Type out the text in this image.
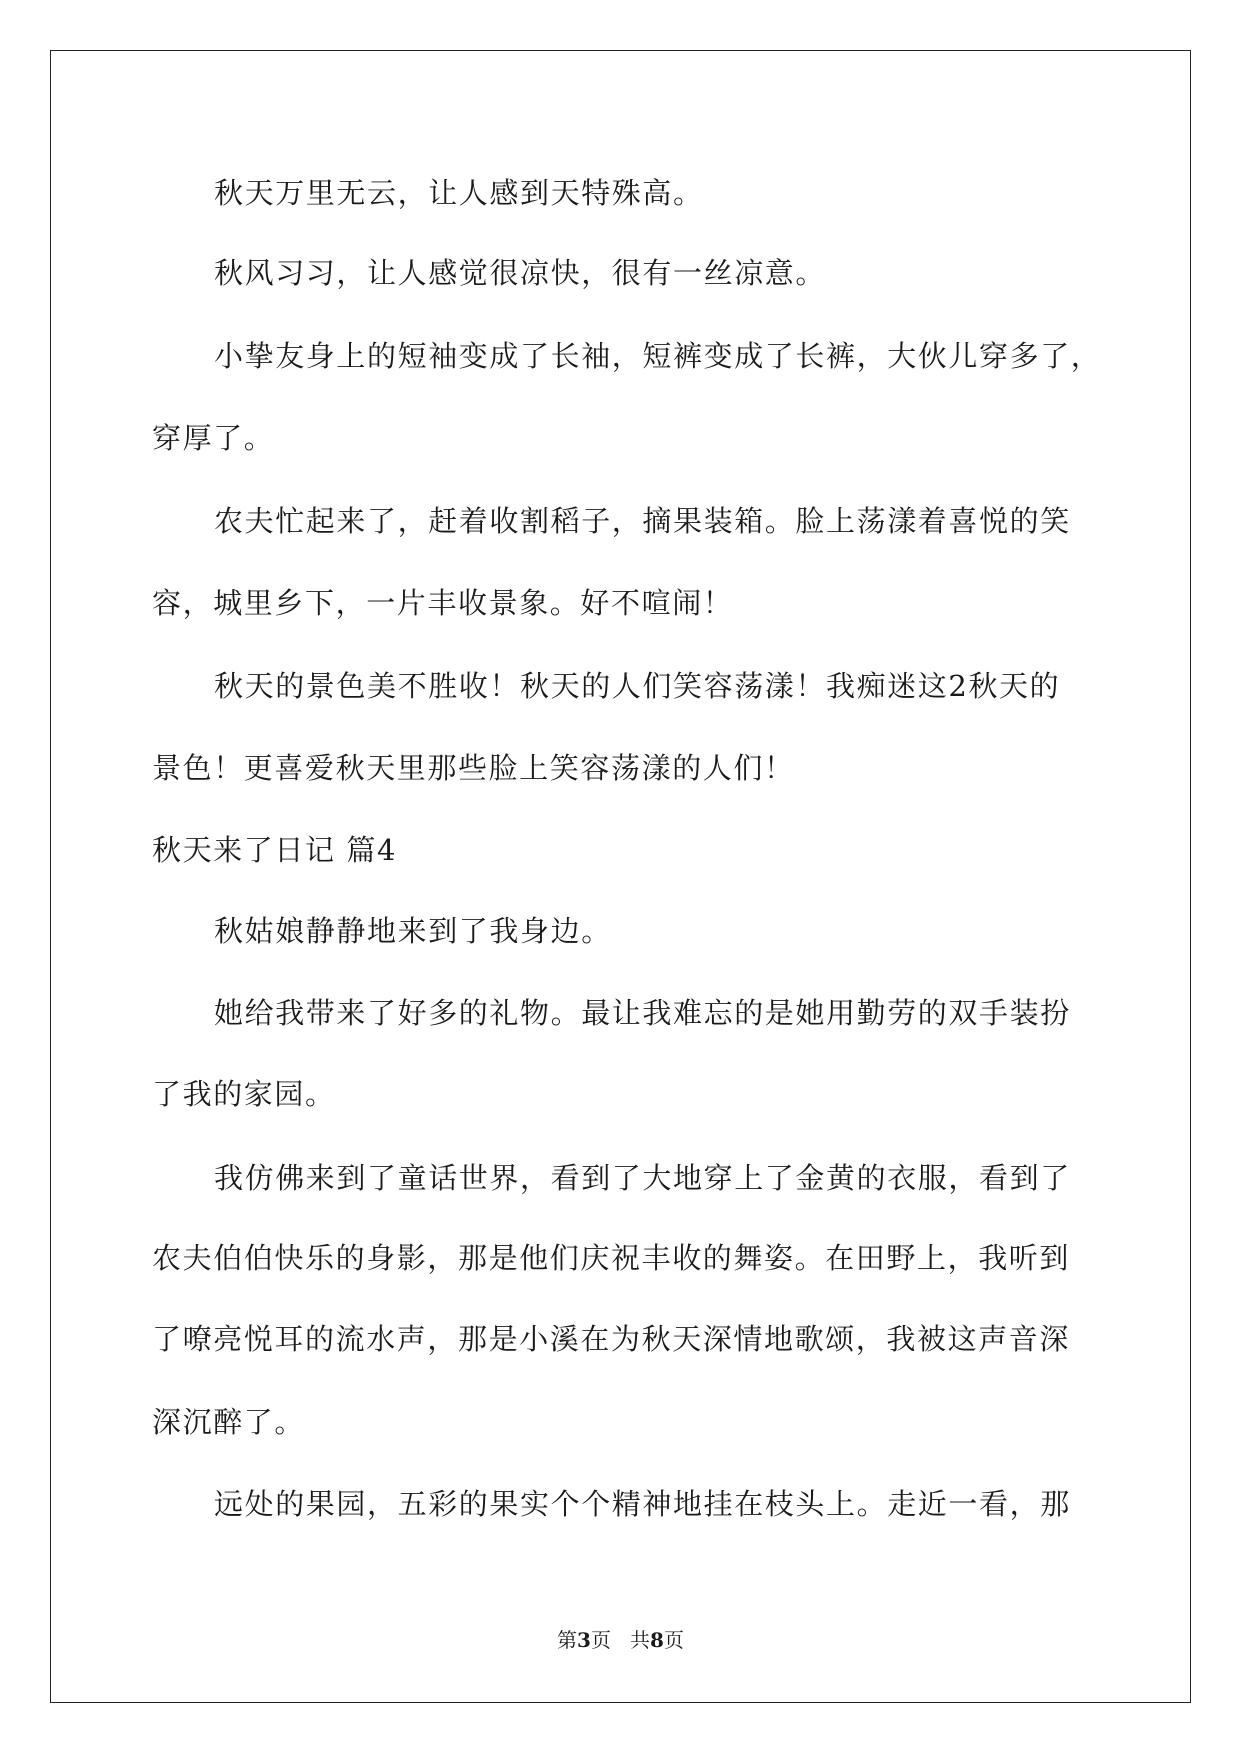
秋天万里无云，让人感到天特殊高。

秋风习习，让人感觉很凉快，很有一丝凉意。

小挚友身上的短袖变成了长袖，短裤变成了长裤，大伙儿穿多了，

穿厚了。

农夫忙起来了，赶着收割稻子，摘果装箱。脸上荡漾着喜悦的笑

容，城里乡下，一片丰收景象。好不喧闹！

秋天的景色美不胜收！秋天的人们笑容荡漾！我痴迷这2秋天的

景色！更喜爱秋天里那些脸上笑容荡漾的人们！

秋天来了日记 篇4

秋姑娘静静地来到了我身边。

她给我带来了好多的礼物。最让我难忘的是她用勤劳的双手装扮

了我的家园。

我仿佛来到了童话世界，看到了大地穿上了金黄的衣服，看到了

农夫伯伯快乐的身影，那是他们庆祝丰收的舞姿。在田野上，我听到

了嘹亮悦耳的流水声，那是小溪在为秋天深情地歌颂，我被这声音深

深沉醉了。

远处的果园，五彩的果实个个精神地挂在枝头上。走近一看，那

第3页 共8页
